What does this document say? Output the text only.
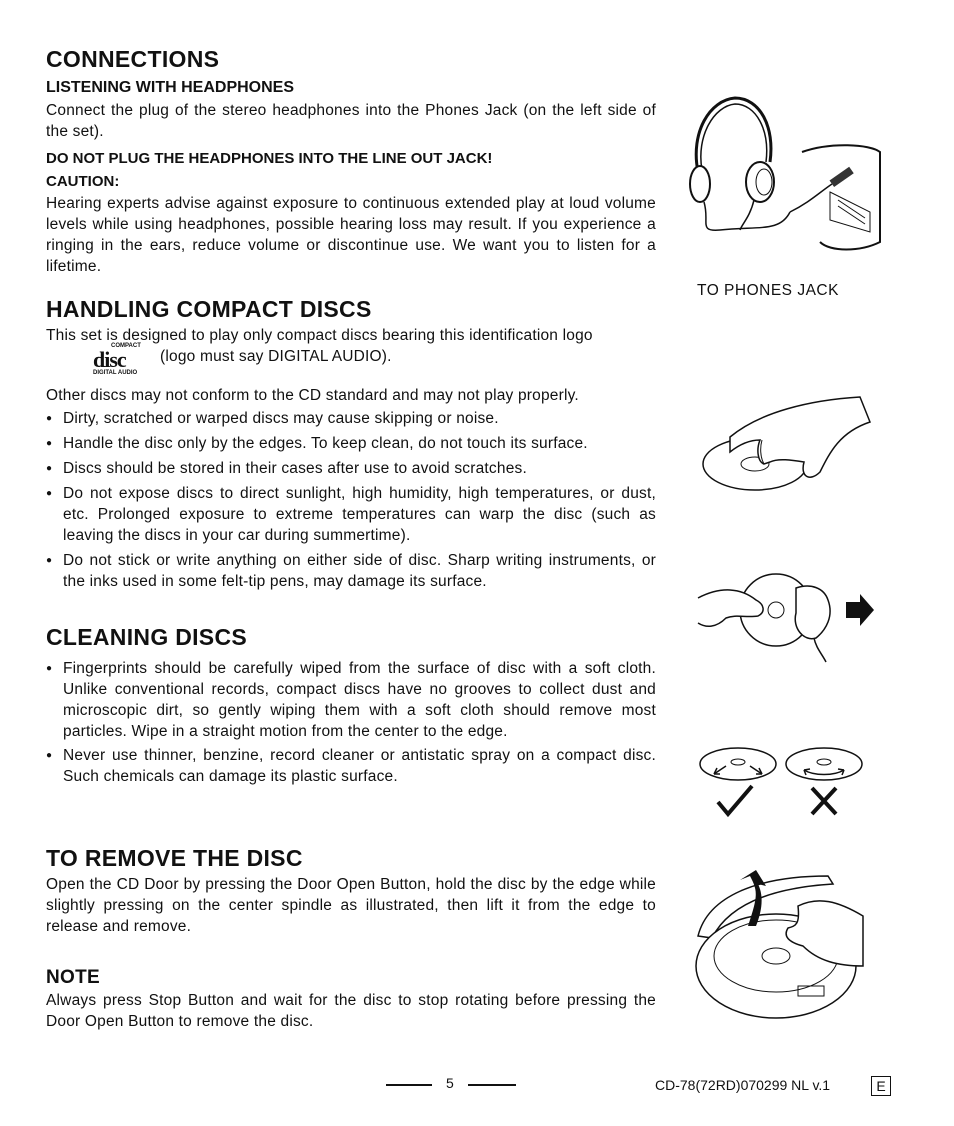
CONNECTIONS
LISTENING WITH HEADPHONES

Connect the plug of the stereo headphones into the Phones Jack (on the left side of the set).

DO NOT PLUG THE HEADPHONES INTO THE LINE OUT JACK!

CAUTION:

Hearing experts advise against exposure to continuous extended play at loud volume levels while using headphones, possible hearing loss may result. If you experience a ringing in the ears, reduce volume or discontinue use. We want you to listen for a lifetime.

TO PHONES JACK
HANDLING COMPACT DISCS

This set is designed to play only compact discs bearing this identification logo

COMPACT
disc
DIGITAL AUDIO

(logo must say DIGITAL AUDIO).

Other discs may not conform to the CD standard and may not play properly.

● Dirty, scratched or warped discs may cause skipping or noise.
● Handle the disc only by the edges. To keep clean, do not touch its surface.
● Discs should be stored in their cases after use to avoid scratches.
● Do not expose discs to direct sunlight, high humidity, high temperatures, or dust, etc. Prolonged exposure to extreme temperatures can warp the disc (such as leaving the discs in your car during summertime).
● Do not stick or write anything on either side of disc. Sharp writing instruments, or the inks used in some felt-tip pens, may damage its surface.
CLEANING DISCS
● Fingerprints should be carefully wiped from the surface of disc with a soft cloth. Unlike conventional records, compact discs have no grooves to collect dust and microscopic dirt, so gently wiping them with a soft cloth should remove most particles. Wipe in a straight motion from the center to the edge.
● Never use thinner, benzine, record cleaner or antistatic spray on a compact disc. Such chemicals can damage its plastic surface.
TO REMOVE THE DISC

Open the CD Door by pressing the Door Open Button, hold the disc by the edge while slightly pressing on the center spindle as illustrated, then lift it from the edge to release and remove.

NOTE

Always press Stop Button and wait for the disc to stop rotating before pressing the Door Open Button to remove the disc.

5	CD-78(72RD)070299 NL v.1	E
